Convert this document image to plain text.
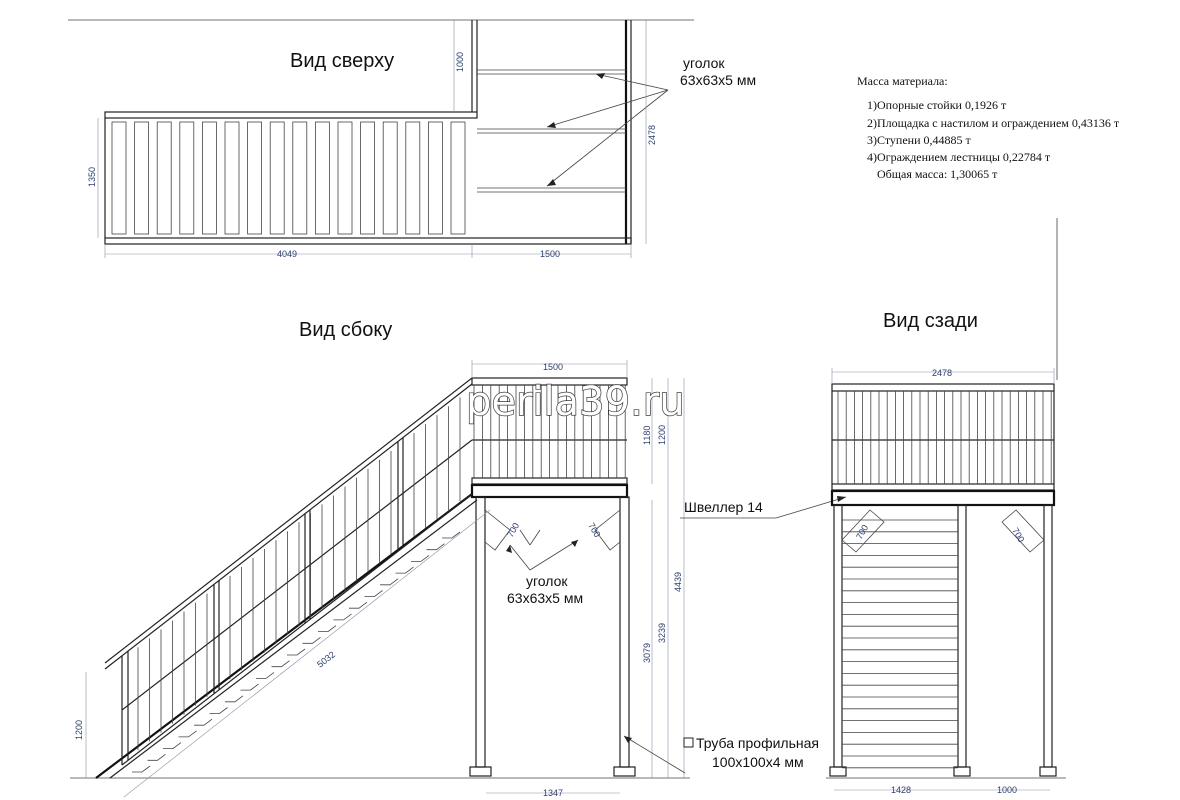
Вид сверху	уголок
63х63х5 мм
1000
2478
1350
4049	1500
Масса материала:
1)Опорные стойки 0,1926 т
2)Площадка с настилом и ограждением 0,43136 т
3)Ступени 0,44885 т
4)Ограждением лестницы 0,22784 т
Общая масса: 1,30065 т
Вид сбоку
700	700
уголок
63х63х5 мм
1500
1180 1200
4439
3239
3079
5032
1200
1347
Труба профильная
100х100х4 мм
Швеллер 14
Вид сзади
700	700
2478
1428	1000
perila39.ru
